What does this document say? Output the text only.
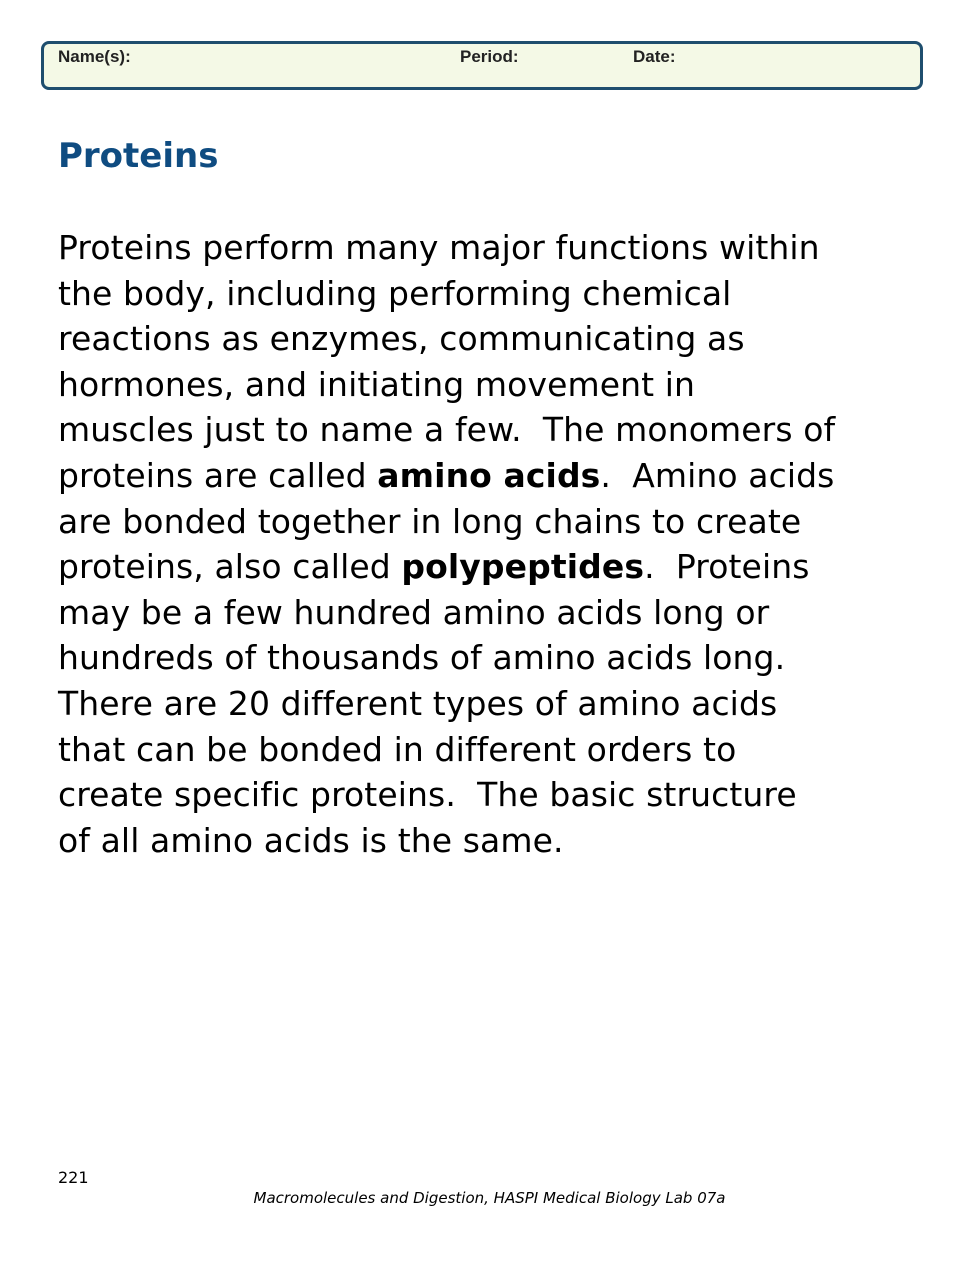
Name(s):	Period:	Date:
Proteins

Proteins perform many major functions within
the body, including performing chemical
reactions as enzymes, communicating as
hormones, and initiating movement in
muscles just to name a few.  The monomers of
proteins are called amino acids.  Amino acids
are bonded together in long chains to create
proteins, also called polypeptides.  Proteins
may be a few hundred amino acids long or
hundreds of thousands of amino acids long.
There are 20 different types of amino acids
that can be bonded in different orders to
create specific proteins.  The basic structure
of all amino acids is the same.

221
Macromolecules and Digestion, HASPI Medical Biology Lab 07a
